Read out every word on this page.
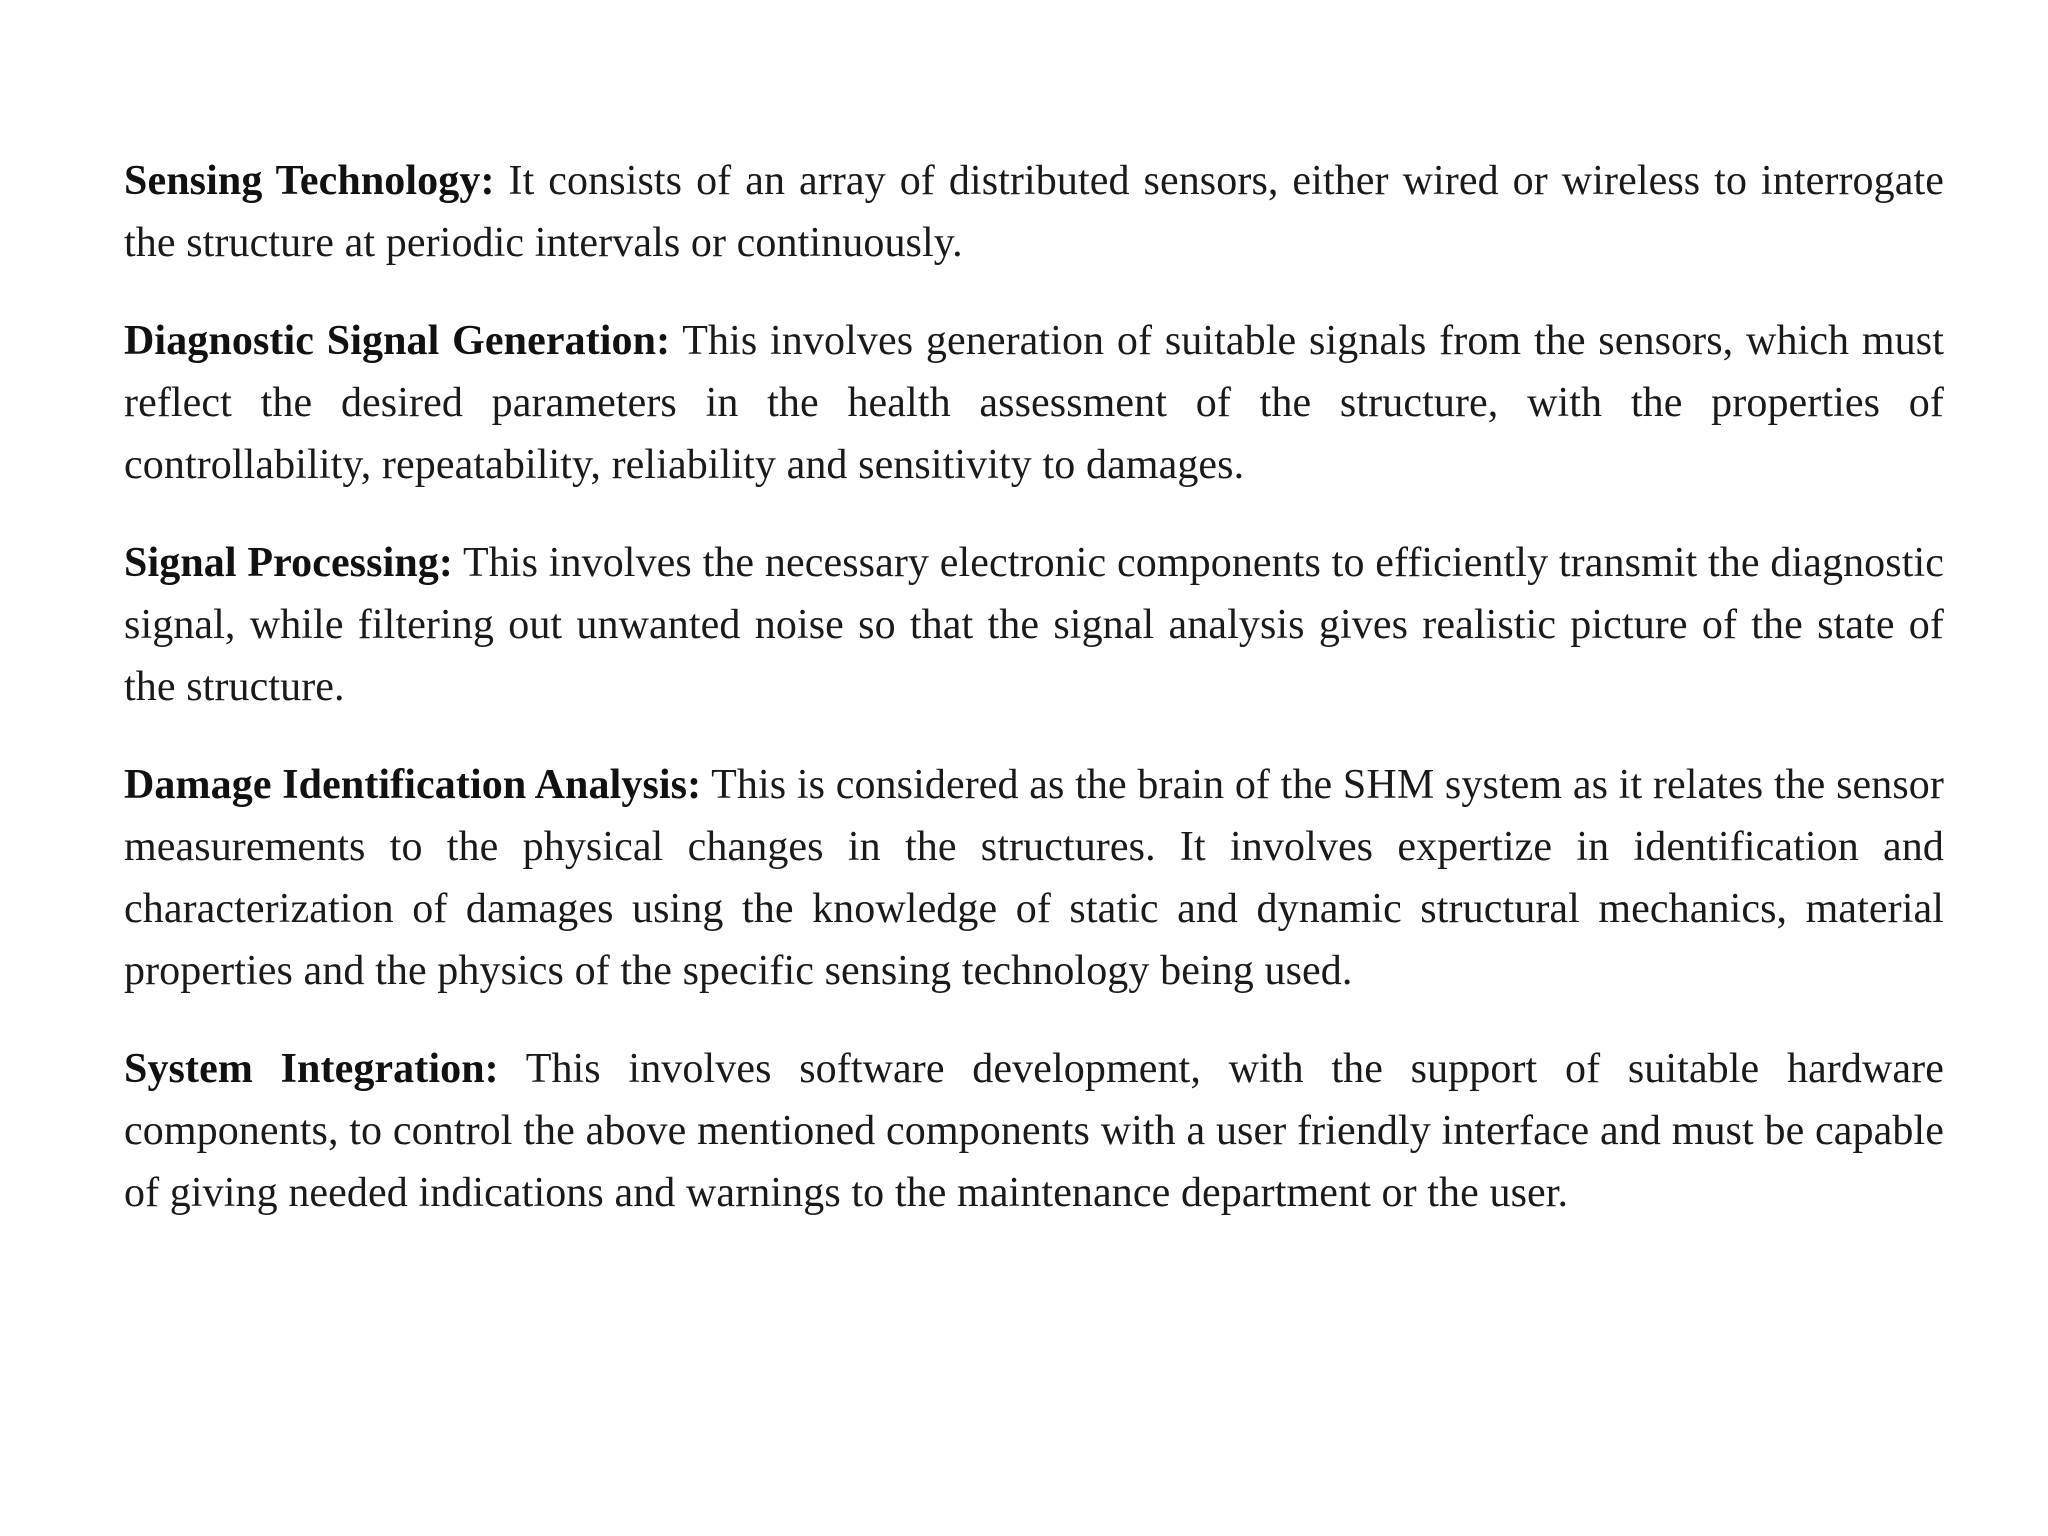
Sensing Technology: It consists of an array of distributed sensors, either wired or wireless to interrogate the structure at periodic intervals or continuously.

Diagnostic Signal Generation: This involves generation of suitable signals from the sensors, which must reflect the desired parameters in the health assessment of the structure, with the properties of controllability, repeatability, reliability and sensitivity to damages.

Signal Processing: This involves the necessary electronic components to efficiently transmit the diagnostic signal, while filtering out unwanted noise so that the signal analysis gives realistic picture of the state of the structure.

Damage Identification Analysis: This is considered as the brain of the SHM system as it relates the sensor measurements to the physical changes in the structures. It involves expertize in identification and characterization of damages using the knowledge of static and dynamic structural mechanics, material properties and the physics of the specific sensing technology being used.

System Integration: This involves software development, with the support of suitable hardware components, to control the above mentioned components with a user friendly interface and must be capable of giving needed indications and warnings to the maintenance department or the user.
